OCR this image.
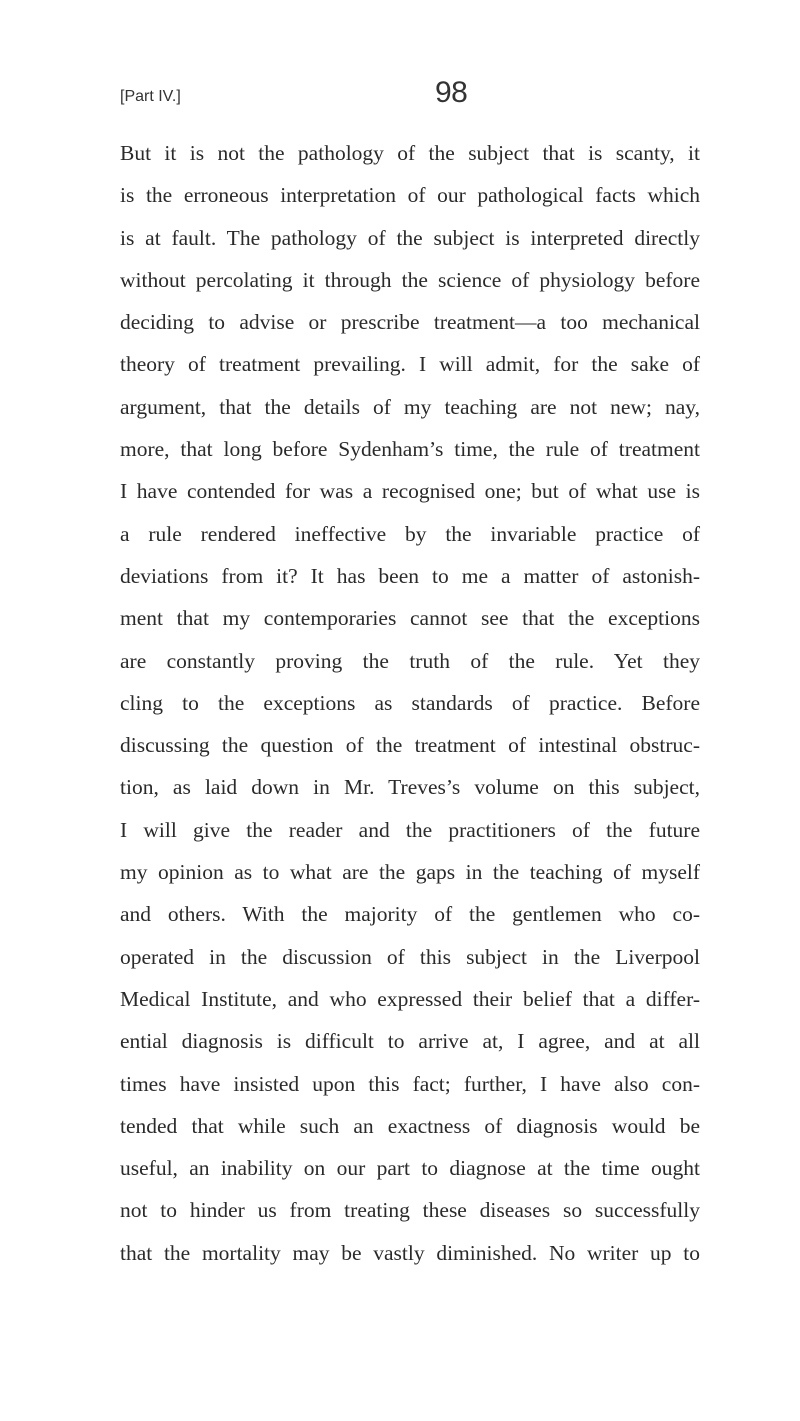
[Part IV.]	98
But it is not the pathology of the subject that is scanty, it
is the erroneous interpretation of our pathological facts which
is at fault. The pathology of the subject is interpreted directly
without percolating it through the science of physiology before
deciding to advise or prescribe treatment—a too mechanical
theory of treatment prevailing. I will admit, for the sake of
argument, that the details of my teaching are not new; nay,
more, that long before Sydenham’s time, the rule of treatment
I have contended for was a recognised one; but of what use is
a rule rendered ineffective by the invariable practice of
deviations from it? It has been to me a matter of astonish-
ment that my contemporaries cannot see that the exceptions
are constantly proving the truth of the rule. Yet they
cling to the exceptions as standards of practice. Before
discussing the question of the treatment of intestinal obstruc-
tion, as laid down in Mr. Treves’s volume on this subject,
I will give the reader and the practitioners of the future
my opinion as to what are the gaps in the teaching of myself
and others. With the majority of the gentlemen who co-
operated in the discussion of this subject in the Liverpool
Medical Institute, and who expressed their belief that a differ-
ential diagnosis is difficult to arrive at, I agree, and at all
times have insisted upon this fact; further, I have also con-
tended that while such an exactness of diagnosis would be
useful, an inability on our part to diagnose at the time ought
not to hinder us from treating these diseases so successfully
that the mortality may be vastly diminished. No writer up to
